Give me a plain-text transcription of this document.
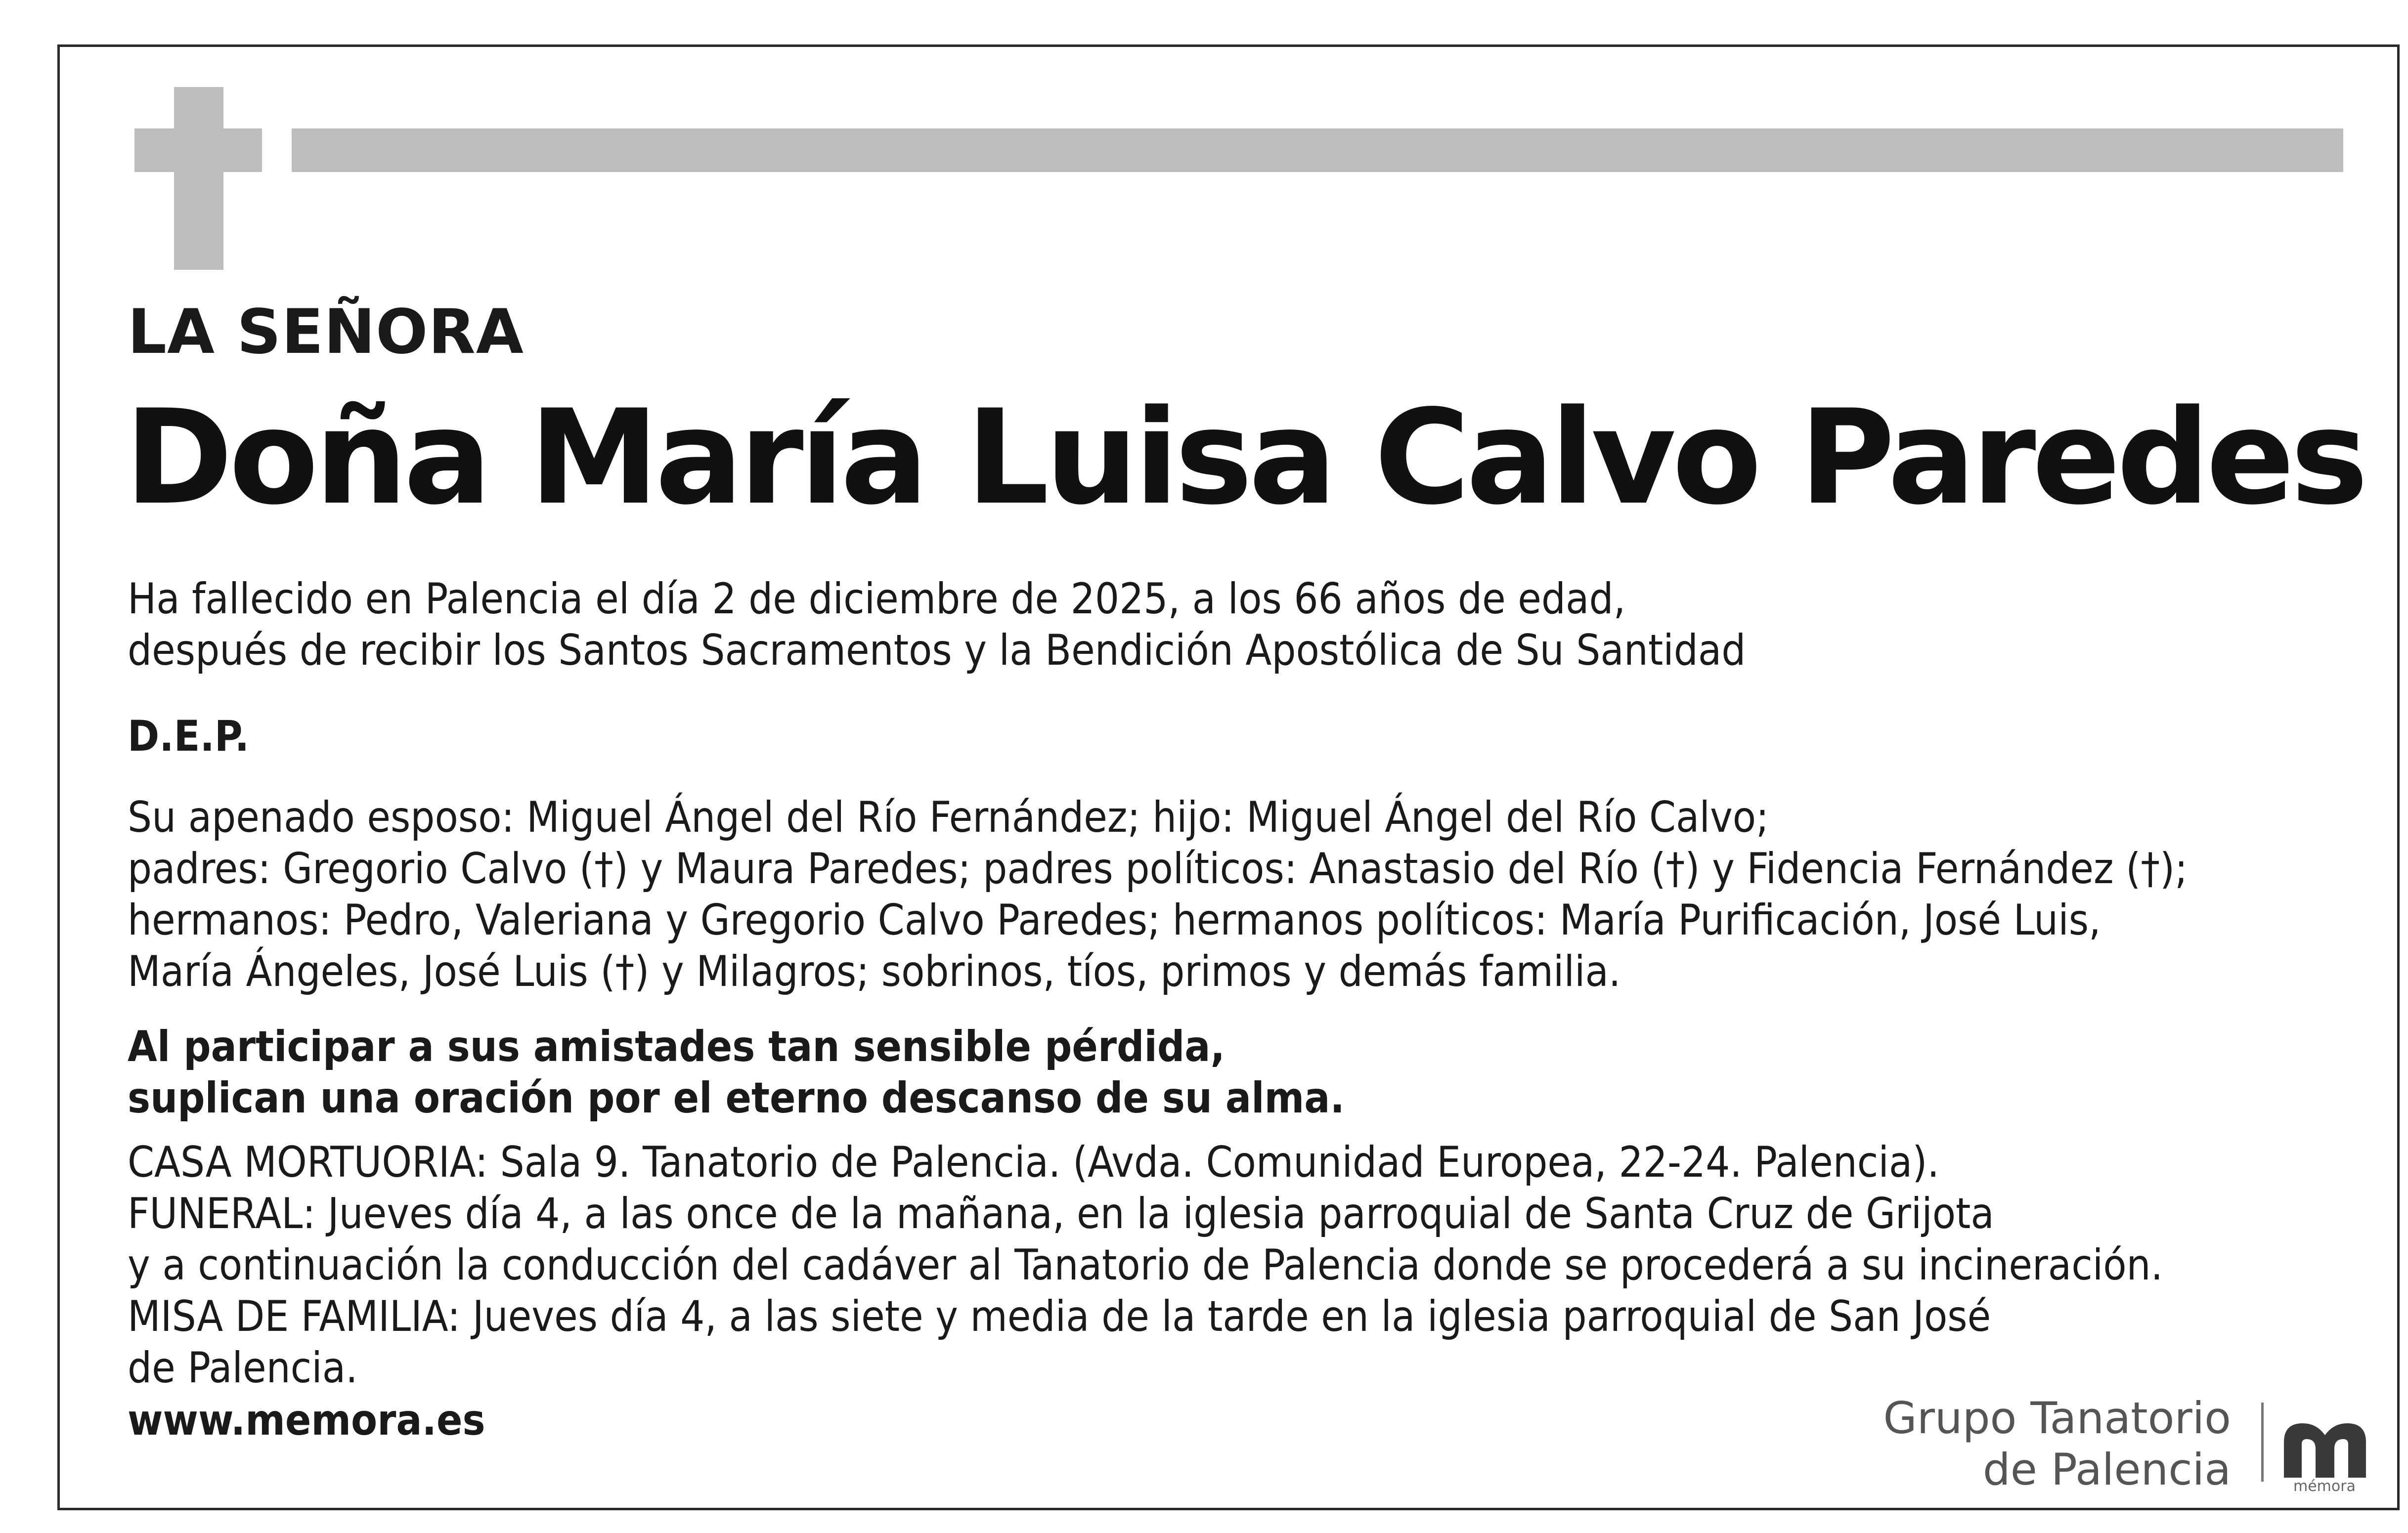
LA SEÑORA
Doña María Luisa Calvo Paredes
Ha fallecido en Palencia el día 2 de diciembre de 2025, a los 66 años de edad,
después de recibir los Santos Sacramentos y la Bendición Apostólica de Su Santidad
D.E.P.
Su apenado esposo: Miguel Ángel del Río Fernández; hijo: Miguel Ángel del Río Calvo;
padres: Gregorio Calvo (†) y Maura Paredes; padres políticos: Anastasio del Río (†) y Fidencia Fernández (†);
hermanos: Pedro, Valeriana y Gregorio Calvo Paredes; hermanos políticos: María Purificación, José Luis,
María Ángeles, José Luis (†) y Milagros; sobrinos, tíos, primos y demás familia.
Al participar a sus amistades tan sensible pérdida,
suplican una oración por el eterno descanso de su alma.
CASA MORTUORIA: Sala 9. Tanatorio de Palencia. (Avda. Comunidad Europea, 22-24. Palencia).
FUNERAL: Jueves día 4, a las once de la mañana, en la iglesia parroquial de Santa Cruz de Grijota
y a continuación la conducción del cadáver al Tanatorio de Palencia donde se procederá a su incineración.
MISA DE FAMILIA: Jueves día 4, a las siete y media de la tarde en la iglesia parroquial de San José
de Palencia.
www.memora.es	Grupo Tanatorio
de Palencia	mémora
